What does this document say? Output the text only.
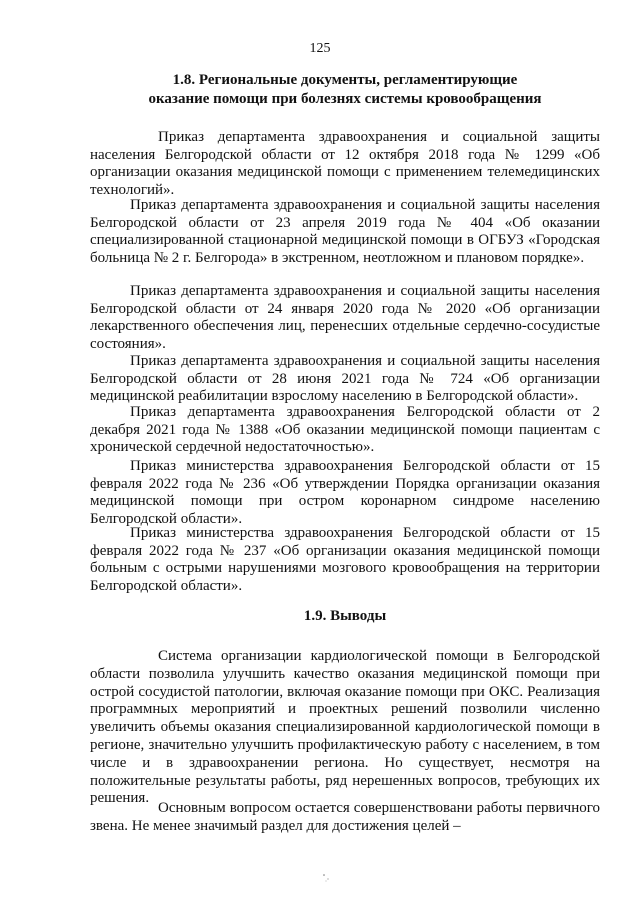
125
1.8. Региональные документы, регламентирующие
оказание помощи при болезнях системы кровообращения

Приказ департамента здравоохранения и социальной защиты населения Белгородской области от 12 октября 2018 года № 1299 «Об организации оказания медицинской помощи с применением телемедицинских технологий».

Приказ департамента здравоохранения и социальной защиты населения Белгородской области от 23 апреля 2019 года № 404 «Об оказании специализированной стационарной медицинской помощи в ОГБУЗ «Городская больница № 2 г. Белгорода» в экстренном, неотложном и плановом порядке».

Приказ департамента здравоохранения и социальной защиты населения Белгородской области от 24 января 2020 года № 2020 «Об организации лекарственного обеспечения лиц, перенесших отдельные сердечно-сосудистые состояния».

Приказ департамента здравоохранения и социальной защиты населения Белгородской области от 28 июня 2021 года № 724 «Об организации медицинской реабилитации взрослому населению в Белгородской области».

Приказ департамента здравоохранения Белгородской области от 2 декабря 2021 года № 1388 «Об оказании медицинской помощи пациентам с хронической сердечной недостаточностью».

Приказ министерства здравоохранения Белгородской области от 15 февраля 2022 года № 236 «Об утверждении Порядка организации оказания медицинской помощи при остром коронарном синдроме населению Белгородской области».

Приказ министерства здравоохранения Белгородской области от 15 февраля 2022 года № 237 «Об организации оказания медицинской помощи больным с острыми нарушениями мозгового кровообращения на территории Белгородской области».

1.9. Выводы

Система организации кардиологической помощи в Белгородской области позволила улучшить качество оказания медицинской помощи при острой сосудистой патологии, включая оказание помощи при ОКС. Реализация программных мероприятий и проектных решений позволили численно увеличить объемы оказания специализированной кардиологической помощи в регионе, значительно улучшить профилактическую работу с населением, в том числе и в здравоохранении региона. Но существует, несмотря на положительные результаты работы, ряд нерешенных вопросов, требующих их решения.

Основным вопросом остается совершенствовани работы первичного звена. Не менее значимый раздел для достижения целей –
